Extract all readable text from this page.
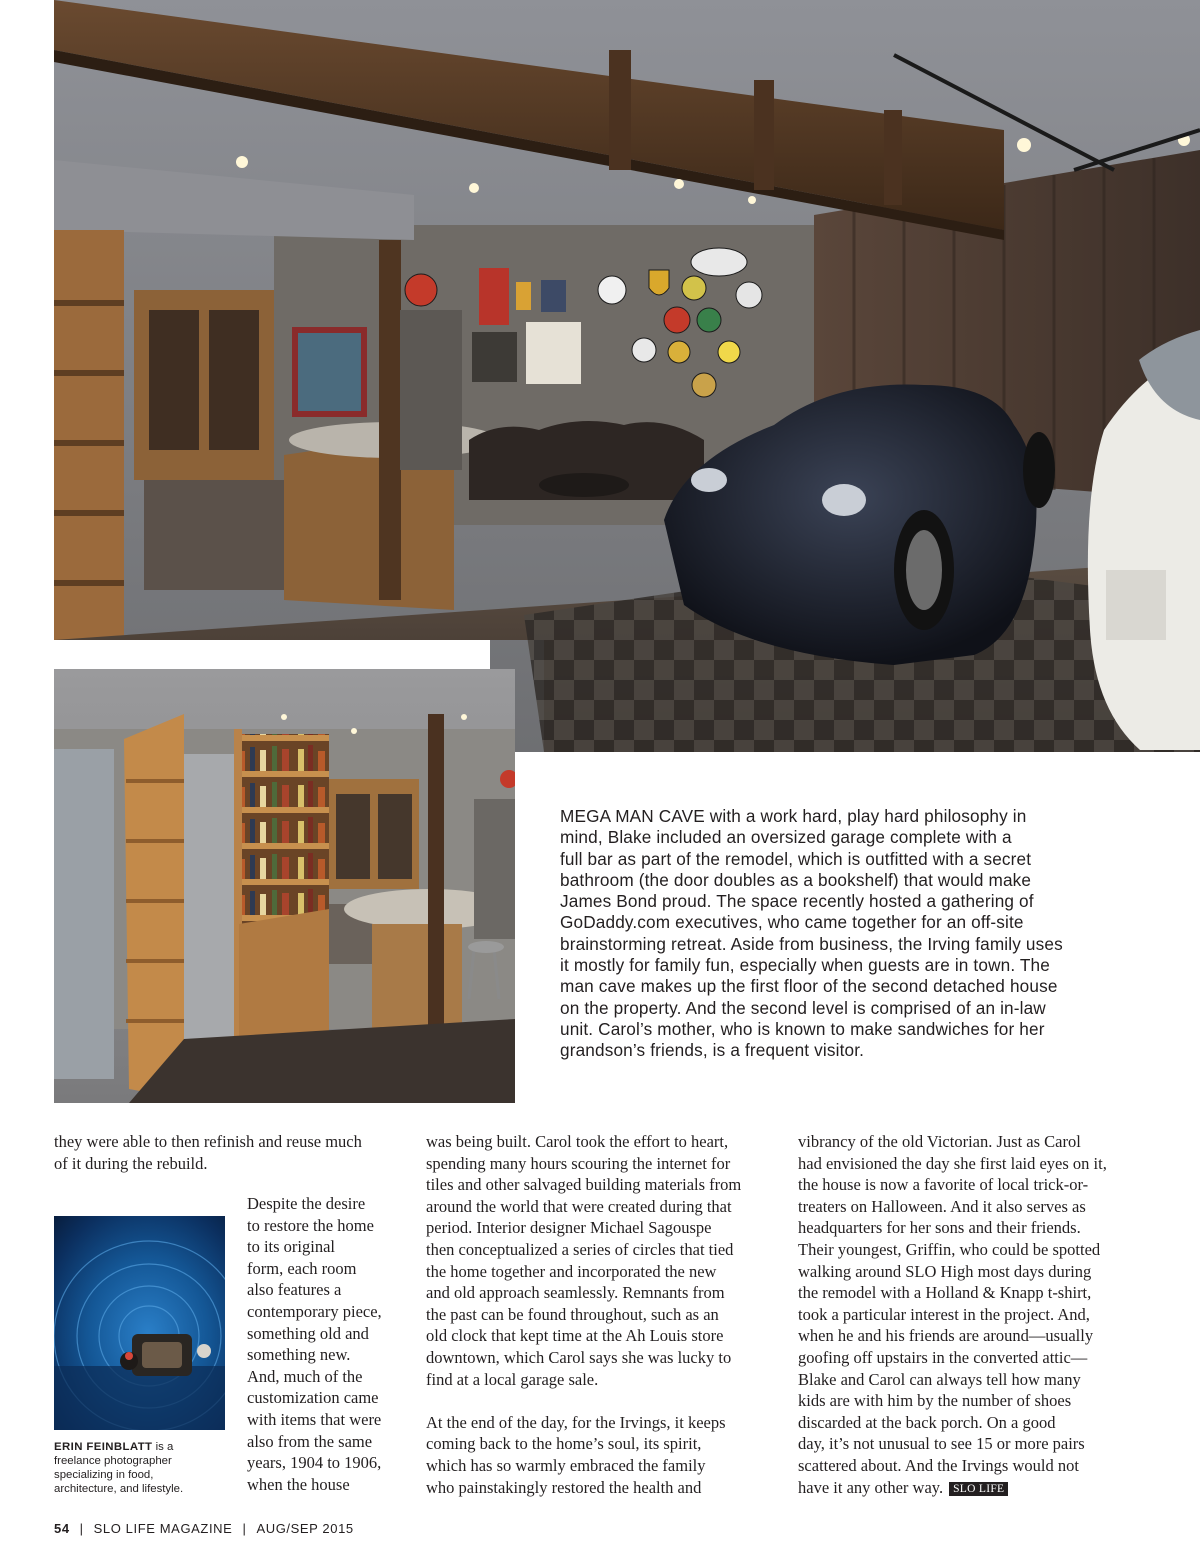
MEGA MAN CAVE with a work hard, play hard philosophy in
mind, Blake included an oversized garage complete with a
full bar as part of the remodel, which is outfitted with a secret
bathroom (the door doubles as a bookshelf) that would make
James Bond proud. The space recently hosted a gathering of
GoDaddy.com executives, who came together for an off-site
brainstorming retreat. Aside from business, the Irving family uses
it mostly for family fun, especially when guests are in town. The
man cave makes up the first floor of the second detached house
on the property. And the second level is comprised of an in-law
unit. Carol’s mother, who is known to make sandwiches for her
grandson’s friends, is a frequent visitor.
they were able to then refinish and reuse much
of it during the rebuild.
Despite the desire
to restore the home
to its original
form, each room
also features a
contemporary piece,
something old and
something new.
And, much of the
customization came
with items that were
also from the same
years, 1904 to 1906,
when the house
ERIN FEINBLATT is a
freelance photographer
specializing in food,
architecture, and lifestyle.
was being built. Carol took the effort to heart,
spending many hours scouring the internet for
tiles and other salvaged building materials from
around the world that were created during that
period. Interior designer Michael Sagouspe
then conceptualized a series of circles that tied
the home together and incorporated the new
and old approach seamlessly. Remnants from
the past can be found throughout, such as an
old clock that kept time at the Ah Louis store
downtown, which Carol says she was lucky to
find at a local garage sale.
At the end of the day, for the Irvings, it keeps
coming back to the home’s soul, its spirit,
which has so warmly embraced the family
who painstakingly restored the health and
vibrancy of the old Victorian. Just as Carol
had envisioned the day she first laid eyes on it,
the house is now a favorite of local trick-or-
treaters on Halloween. And it also serves as
headquarters for her sons and their friends.
Their youngest, Griffin, who could be spotted
walking around SLO High most days during
the remodel with a Holland & Knapp t-shirt,
took a particular interest in the project. And,
when he and his friends are around—usually
goofing off upstairs in the converted attic—
Blake and Carol can always tell how many
kids are with him by the number of shoes
discarded at the back porch. On a good
day, it’s not unusual to see 15 or more pairs
scattered about. And the Irvings would not
have it any other way. SLO LIFE
54 | SLO LIFE MAGAZINE | AUG/SEP 2015
